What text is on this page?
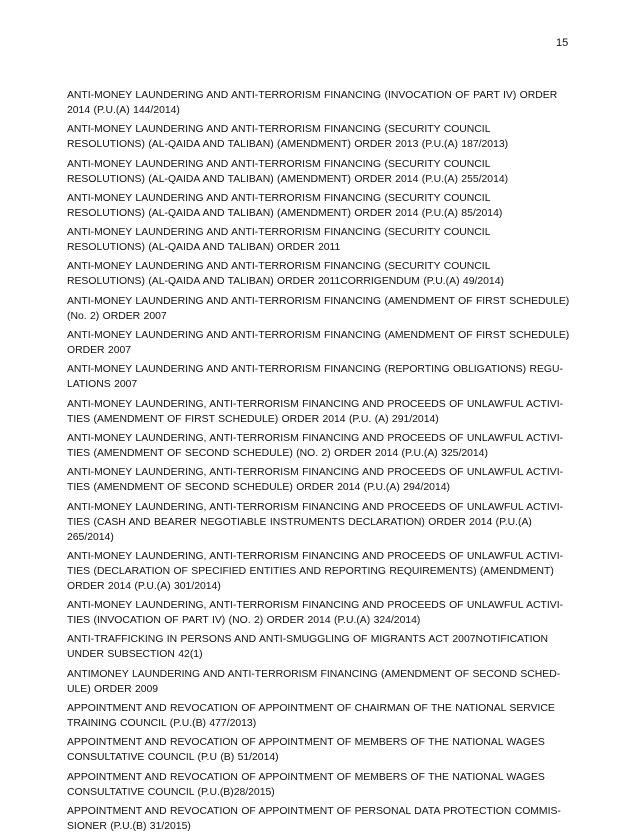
15
ANTI-MONEY LAUNDERING AND ANTI-TERRORISM FINANCING (INVOCATION OF PART IV) ORDER 2014 (P.U.(A) 144/2014)
ANTI-MONEY LAUNDERING AND ANTI-TERRORISM FINANCING (SECURITY COUNCIL RESOLUTIONS) (AL-QAIDA AND TALIBAN) (AMENDMENT) ORDER 2013 (P.U.(A) 187/2013)
ANTI-MONEY LAUNDERING AND ANTI-TERRORISM FINANCING (SECURITY COUNCIL RESOLUTIONS) (AL-QAIDA AND TALIBAN) (AMENDMENT) ORDER 2014 (P.U.(A) 255/2014)
ANTI-MONEY LAUNDERING AND ANTI-TERRORISM FINANCING (SECURITY COUNCIL RESOLUTIONS) (AL-QAIDA AND TALIBAN) (AMENDMENT) ORDER 2014 (P.U.(A) 85/2014)
ANTI-MONEY LAUNDERING AND ANTI-TERRORISM FINANCING (SECURITY COUNCIL RESOLUTIONS) (AL-QAIDA AND TALIBAN) ORDER 2011
ANTI-MONEY LAUNDERING AND ANTI-TERRORISM FINANCING (SECURITY COUNCIL RESOLUTIONS) (AL-QAIDA AND TALIBAN) ORDER 2011CORRIGENDUM (P.U.(A) 49/2014)
ANTI-MONEY LAUNDERING AND ANTI-TERRORISM FINANCING (AMENDMENT OF FIRST SCHEDULE) (No. 2) ORDER 2007
ANTI-MONEY LAUNDERING AND ANTI-TERRORISM FINANCING (AMENDMENT OF FIRST SCHEDULE) ORDER 2007
ANTI-MONEY LAUNDERING AND ANTI-TERRORISM FINANCING (REPORTING OBLIGATIONS) REGU-LATIONS 2007
ANTI-MONEY LAUNDERING, ANTI-TERRORISM FINANCING AND PROCEEDS OF UNLAWFUL ACTIVI-TIES (AMENDMENT OF FIRST SCHEDULE) ORDER 2014 (P.U. (A) 291/2014)
ANTI-MONEY LAUNDERING, ANTI-TERRORISM FINANCING AND PROCEEDS OF UNLAWFUL ACTIVI-TIES (AMENDMENT OF SECOND SCHEDULE) (NO. 2) ORDER 2014 (P.U.(A) 325/2014)
ANTI-MONEY LAUNDERING, ANTI-TERRORISM FINANCING AND PROCEEDS OF UNLAWFUL ACTIVI-TIES (AMENDMENT OF SECOND SCHEDULE) ORDER 2014 (P.U.(A) 294/2014)
ANTI-MONEY LAUNDERING, ANTI-TERRORISM FINANCING AND PROCEEDS OF UNLAWFUL ACTIVI-TIES (CASH AND BEARER NEGOTIABLE INSTRUMENTS DECLARATION) ORDER 2014 (P.U.(A) 265/2014)
ANTI-MONEY LAUNDERING, ANTI-TERRORISM FINANCING AND PROCEEDS OF UNLAWFUL ACTIVI-TIES (DECLARATION OF SPECIFIED ENTITIES AND REPORTING REQUIREMENTS) (AMENDMENT) ORDER 2014 (P.U.(A) 301/2014)
ANTI-MONEY LAUNDERING, ANTI-TERRORISM FINANCING AND PROCEEDS OF UNLAWFUL ACTIVI-TIES (INVOCATION OF PART IV) (NO. 2) ORDER 2014 (P.U.(A) 324/2014)
ANTI-TRAFFICKING IN PERSONS AND ANTI-SMUGGLING OF MIGRANTS ACT 2007NOTIFICATION UNDER SUBSECTION 42(1)
ANTIMONEY LAUNDERING AND ANTI-TERRORISM FINANCING (AMENDMENT OF SECOND SCHED-ULE) ORDER 2009
APPOINTMENT AND REVOCATION OF APPOINTMENT OF CHAIRMAN OF THE NATIONAL SERVICE TRAINING COUNCIL (P.U.(B) 477/2013)
APPOINTMENT AND REVOCATION OF APPOINTMENT OF MEMBERS OF THE NATIONAL WAGES CONSULTATIVE COUNCIL (P.U (B) 51/2014)
APPOINTMENT AND REVOCATION OF APPOINTMENT OF MEMBERS OF THE NATIONAL WAGES CONSULTATIVE COUNCIL (P.U.(B)28/2015)
APPOINTMENT AND REVOCATION OF APPOINTMENT OF PERSONAL DATA PROTECTION COMMIS-SIONER (P.U.(B) 31/2015)
